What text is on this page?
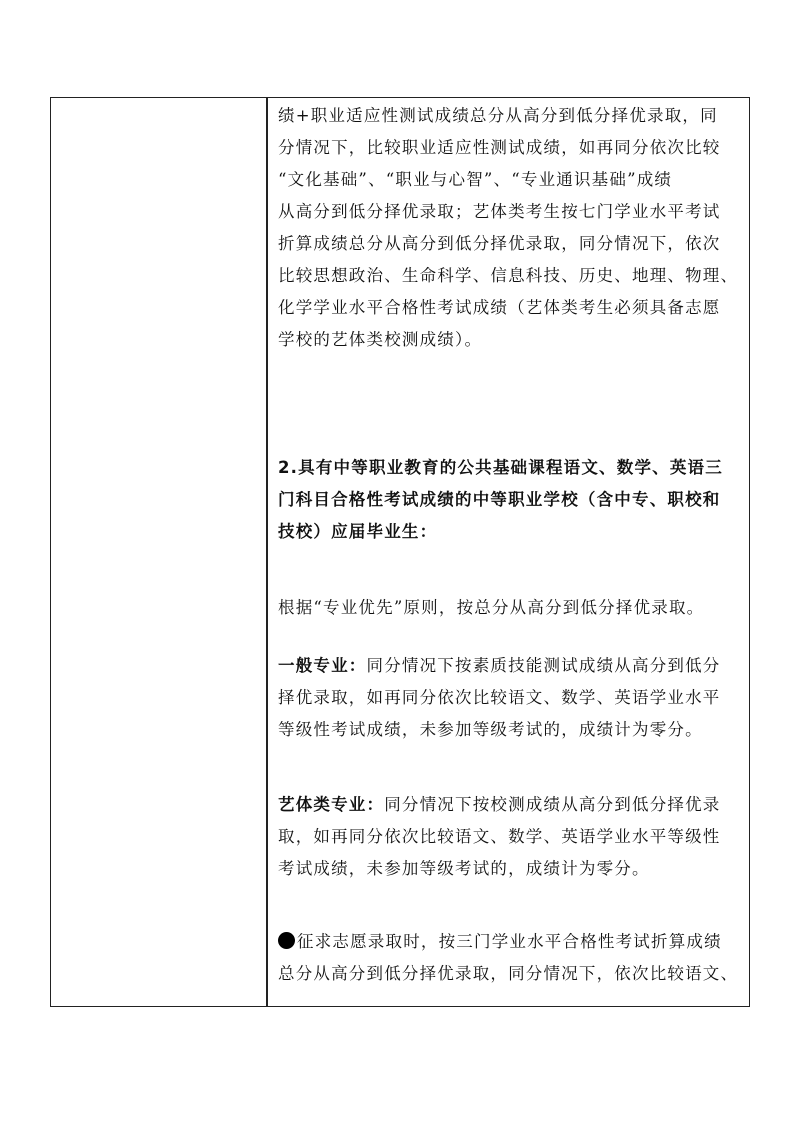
绩+职业适应性测试成绩总分从高分到低分择优录取，同
分情况下，比较职业适应性测试成绩，如再同分依次比较
“文化基础”、“职业与心智”、“专业通识基础”成绩
从高分到低分择优录取；艺体类考生按七门学业水平考试
折算成绩总分从高分到低分择优录取，同分情况下，依次
比较思想政治、生命科学、信息科技、历史、地理、物理、
化学学业水平合格性考试成绩（艺体类考生必须具备志愿
学校的艺体类校测成绩）。
2.具有中等职业教育的公共基础课程语文、数学、英语三
门科目合格性考试成绩的中等职业学校（含中专、职校和
技校）应届毕业生：
根据“专业优先”原则，按总分从高分到低分择优录取。
一般专业：同分情况下按素质技能测试成绩从高分到低分
择优录取，如再同分依次比较语文、数学、英语学业水平
等级性考试成绩，未参加等级考试的，成绩计为零分。
艺体类专业：同分情况下按校测成绩从高分到低分择优录
取，如再同分依次比较语文、数学、英语学业水平等级性
考试成绩，未参加等级考试的，成绩计为零分。
征求志愿录取时，按三门学业水平合格性考试折算成绩
总分从高分到低分择优录取，同分情况下，依次比较语文、
